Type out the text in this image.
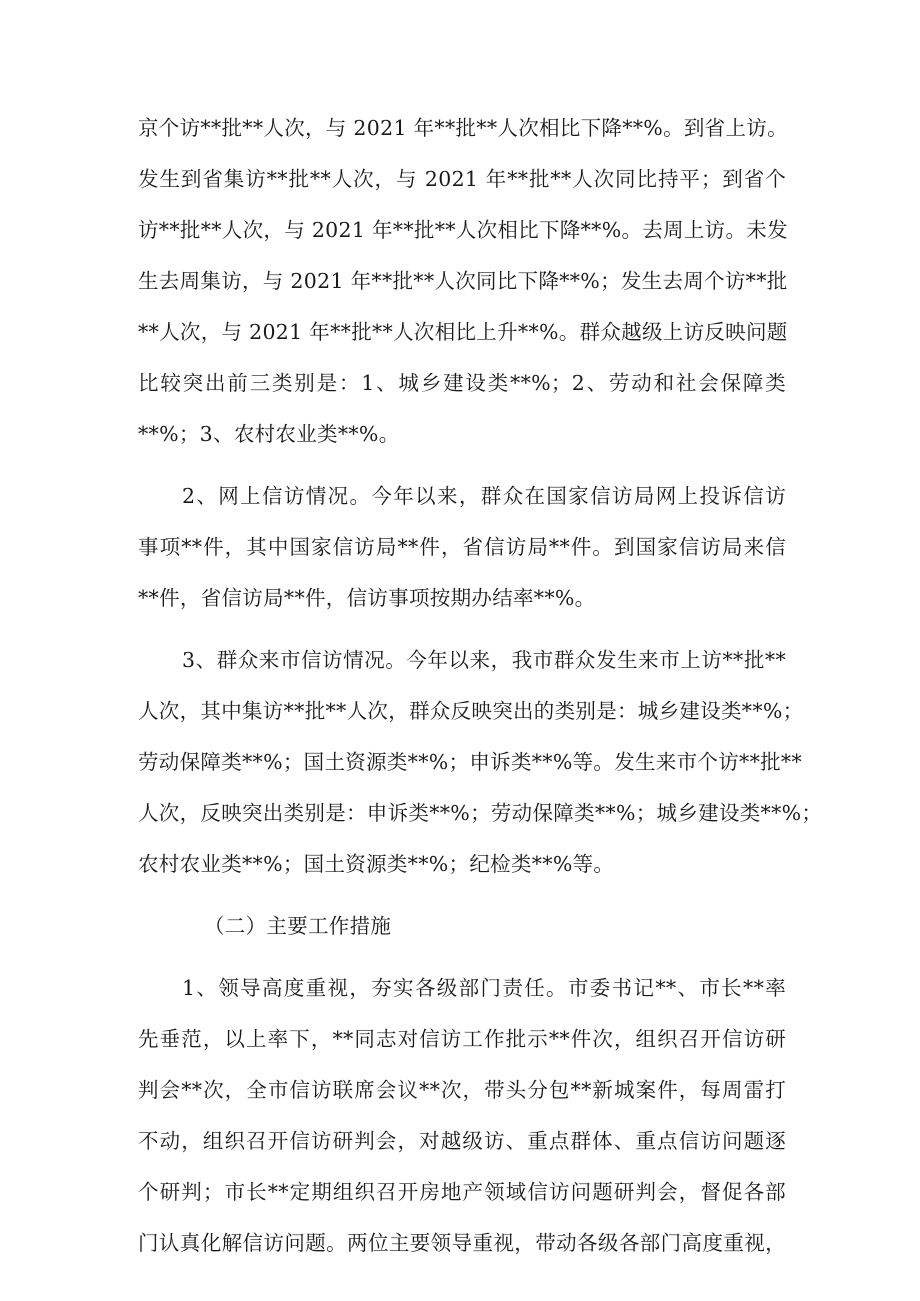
京个访**批**人次，与 2021 年**批**人次相比下降**%。到省上访。
发生到省集访**批**人次，与 2021 年**批**人次同比持平；到省个
访**批**人次，与 2021 年**批**人次相比下降**%。去周上访。未发
生去周集访，与 2021 年**批**人次同比下降**%；发生去周个访**批
**人次，与 2021 年**批**人次相比上升**%。群众越级上访反映问题
比较突出前三类别是：1、城乡建设类**%；2、劳动和社会保障类
**%；3、农村农业类**%。
2、网上信访情况。今年以来，群众在国家信访局网上投诉信访
事项**件，其中国家信访局**件，省信访局**件。到国家信访局来信
**件，省信访局**件，信访事项按期办结率**%。
3、群众来市信访情况。今年以来，我市群众发生来市上访**批**
人次，其中集访**批**人次，群众反映突出的类别是：城乡建设类**%；
劳动保障类**%；国土资源类**%；申诉类**%等。发生来市个访**批**
人次，反映突出类别是：申诉类**%；劳动保障类**%；城乡建设类**%；
农村农业类**%；国土资源类**%；纪检类**%等。
（二）主要工作措施
1、领导高度重视，夯实各级部门责任。市委书记**、市长**率
先垂范，以上率下，**同志对信访工作批示**件次，组织召开信访研
判会**次，全市信访联席会议**次，带头分包**新城案件，每周雷打
不动，组织召开信访研判会，对越级访、重点群体、重点信访问题逐
个研判；市长**定期组织召开房地产领域信访问题研判会，督促各部
门认真化解信访问题。两位主要领导重视，带动各级各部门高度重视，
